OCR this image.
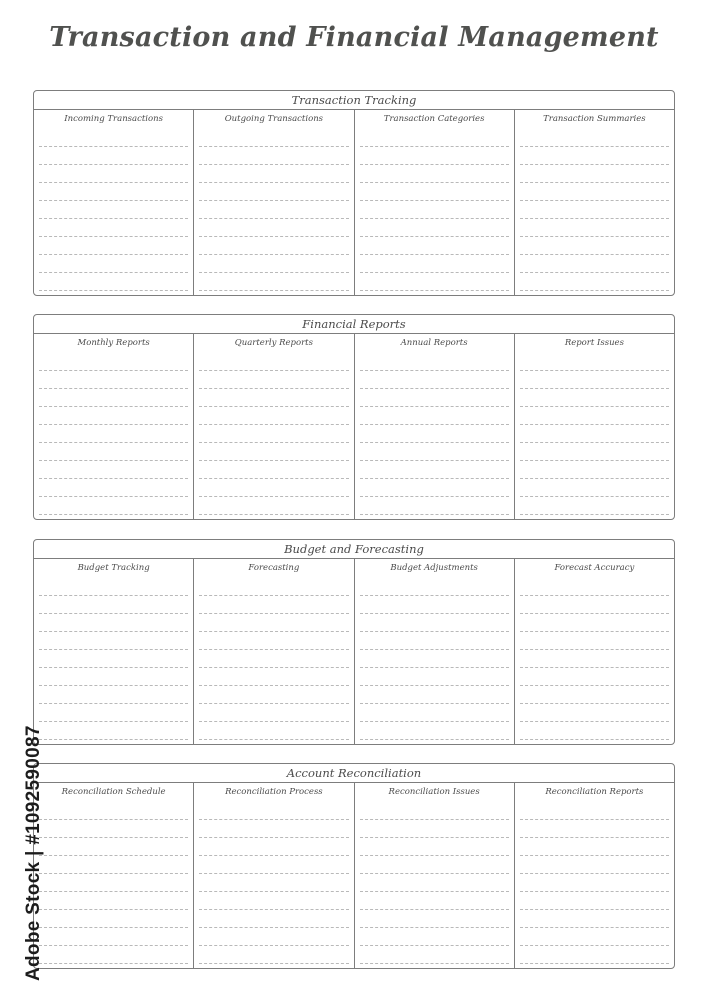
Transaction and Financial Management
Transaction Tracking
Incoming Transactions	Outgoing Transactions	Transaction Categories	Transaction Summaries
Financial Reports
Monthly Reports	Quarterly Reports	Annual Reports	Report Issues
Budget and Forecasting
Budget Tracking	Forecasting	Budget Adjustments	Forecast Accuracy
Account Reconciliation
Reconciliation Schedule	Reconciliation Process	Reconciliation Issues	Reconciliation Reports
Adobe Stock | #1092590087
